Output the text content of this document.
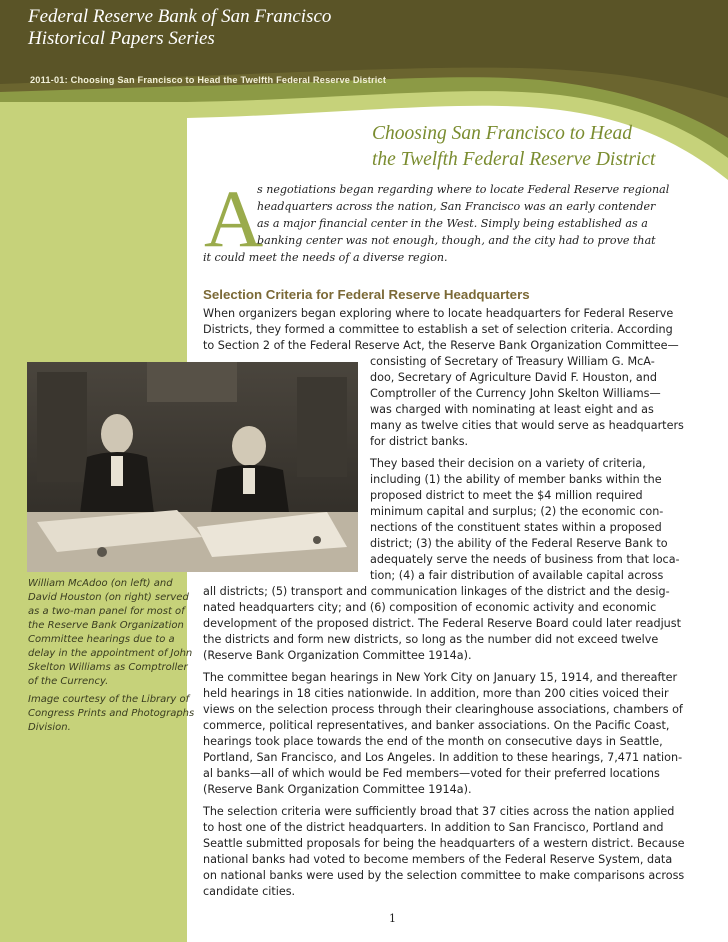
Federal Reserve Bank of San Francisco
Historical Papers Series
2011-01: Choosing San Francisco to Head the Twelfth Federal Reserve District
Choosing San Francisco to Head
the Twelfth Federal Reserve District
A
s negotiations began regarding where to locate Federal Reserve regional
headquarters across the nation, San Francisco was an early contender
as a major financial center in the West. Simply being established as a
banking center was not enough, though, and the city had to prove that
it could meet the needs of a diverse region.
Selection Criteria for Federal Reserve Headquarters
When organizers began exploring where to locate headquarters for Federal Reserve
Districts, they formed a committee to establish a set of selection criteria. According
to Section 2 of the Federal Reserve Act, the Reserve Bank Organization Committee—
consisting of Secretary of Treasury William G. McA-
doo, Secretary of Agriculture David F. Houston, and
Comptroller of the Currency John Skelton Williams—
was charged with nominating at least eight and as
many as twelve cities that would serve as headquarters
for district banks.
They based their decision on a variety of criteria,
including (1) the ability of member banks within the
proposed district to meet the $4 million required
minimum capital and surplus; (2) the economic con-
nections of the constituent states within a proposed
district; (3) the ability of the Federal Reserve Bank to
adequately serve the needs of business from that loca-
tion; (4) a fair distribution of available capital across
all districts; (5) transport and communication linkages of the district and the desig-
nated headquarters city; and (6) composition of economic activity and economic
development of the proposed district. The Federal Reserve Board could later readjust
the districts and form new districts, so long as the number did not exceed twelve
(Reserve Bank Organization Committee 1914a).
The committee began hearings in New York City on January 15, 1914, and thereafter
held hearings in 18 cities nationwide. In addition, more than 200 cities voiced their
views on the selection process through their clearinghouse associations, chambers of
commerce, political representatives, and banker associations. On the Pacific Coast,
hearings took place towards the end of the month on consecutive days in Seattle,
Portland, San Francisco, and Los Angeles. In addition to these hearings, 7,471 nation-
al banks—all of which would be Fed members—voted for their preferred locations
(Reserve Bank Organization Committee 1914a).
The selection criteria were sufficiently broad that 37 cities across the nation applied
to host one of the district headquarters. In addition to San Francisco, Portland and
Seattle submitted proposals for being the headquarters of a western district. Because
national banks had voted to become members of the Federal Reserve System, data
on national banks were used by the selection committee to make comparisons across
candidate cities.
William McAdoo (on left) and
David Houston (on right) served
as a two-man panel for most of
the Reserve Bank Organization
Committee hearings due to a
delay in the appointment of John
Skelton Williams as Comptroller
of the Currency.
Image courtesy of the Library of
Congress Prints and Photographs
Division.
1
